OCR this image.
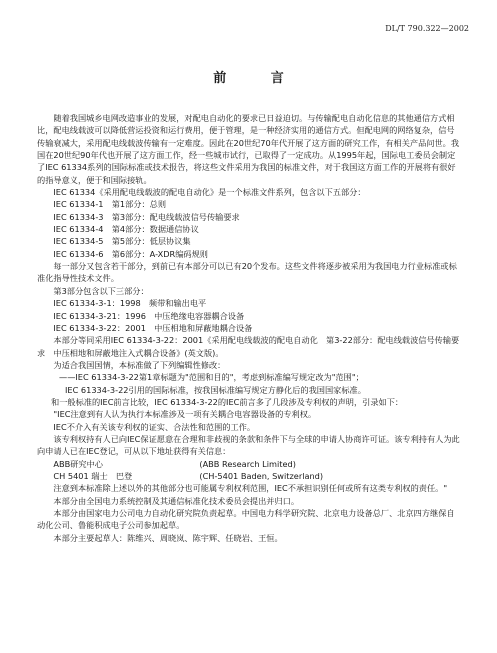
DL/T 790.322—2002
前 言

随着我国城乡电网改造事业的发展，对配电自动化的要求已日益迫切。与传输配电自动化信息的其他通信方式相比，配电线载波可以降低营运投资和运行费用，便于管理，是一种经济实用的通信方式。但配电网的网络复杂，信号传输衰减大，采用配电线载波传输有一定难度。因此在20世纪70年代开展了这方面的研究工作，有相关产品问世。我国在20世纪90年代也开展了这方面工作，经一些城市试行，已取得了一定成功。从1995年起，国际电工委员会制定了IEC 61334系列的国际标准或技术报告，将这些文件采用为我国的标准文件，对于我国这方面工作的开展将有很好的指导意义，便于和国际接轨。

IEC 61334《采用配电线载波的配电自动化》是一个标准文件系列，包含以下五部分：

IEC 61334-1　第1部分：总则

IEC 61334-3　第3部分：配电线载波信号传输要求

IEC 61334-4　第4部分：数据通信协议

IEC 61334-5　第5部分：低层协议集

IEC 61334-6　第6部分：A-XDR编码规则

每一部分又包含若干部分，到前已有本部分可以已有20个发布。这些文件将逐步被采用为我国电力行业标准或标准化指导性技术文件。

第3部分包含以下三部分：

IEC 61334-3-1：1998　频带和输出电平

IEC 61334-3-21：1996　中压绝缘电容器耦合设备

IEC 61334-3-22：2001　中压相地和屏蔽地耦合设备

本部分等同采用IEC 61334-3-22：2001《采用配电线载波的配电自动化　第3-22部分：配电线载波信号传输要求　中压相地和屏蔽地注入式耦合设备》(英文版)。

为适合我国国情，本标准做了下列编辑性修改：

——IEC 61334-3-22第1章标题为"范围和目的"，考虑到标准编写规定改为"范围"；

IEC 61334-3-22引用的国际标准，按我国标准编写规定方静化后的我国国家标准。

和一般标准的IEC前言比较，IEC 61334-3-22的IEC前言多了几段涉及专利权的声明，引录如下：

"IEC注意到有人认为执行本标准涉及一项有关耦合电容器设备的专利权。

IEC不介入有关该专利权的证实、合法性和范围的工作。

该专利权持有人已向IEC保证愿意在合理和非歧视的条款和条件下与全球的申请人协商许可证。该专利持有人为此向申请人已在IEC登记，可从以下地址获得有关信息：

ABB研究中心	(ABB Research Limited)
CH 5401 瑞士　巴登	(CH-5401 Baden, Switzerland)

注意到本标准除上述以外的其他部分也可能属专利权利范围，IEC不承担识别任何或所有这类专利权的责任。"

本部分由全国电力系统控制及其通信标准化技术委员会提出并归口。

本部分由国家电力公司电力自动化研究院负责起草。中国电力科学研究院、北京电力设备总厂、北京四方继保自动化公司、鲁能积成电子公司参加起草。

本部分主要起草人：陈维兴、周晓岚、陈宇辉、任晓岩、王恒。
